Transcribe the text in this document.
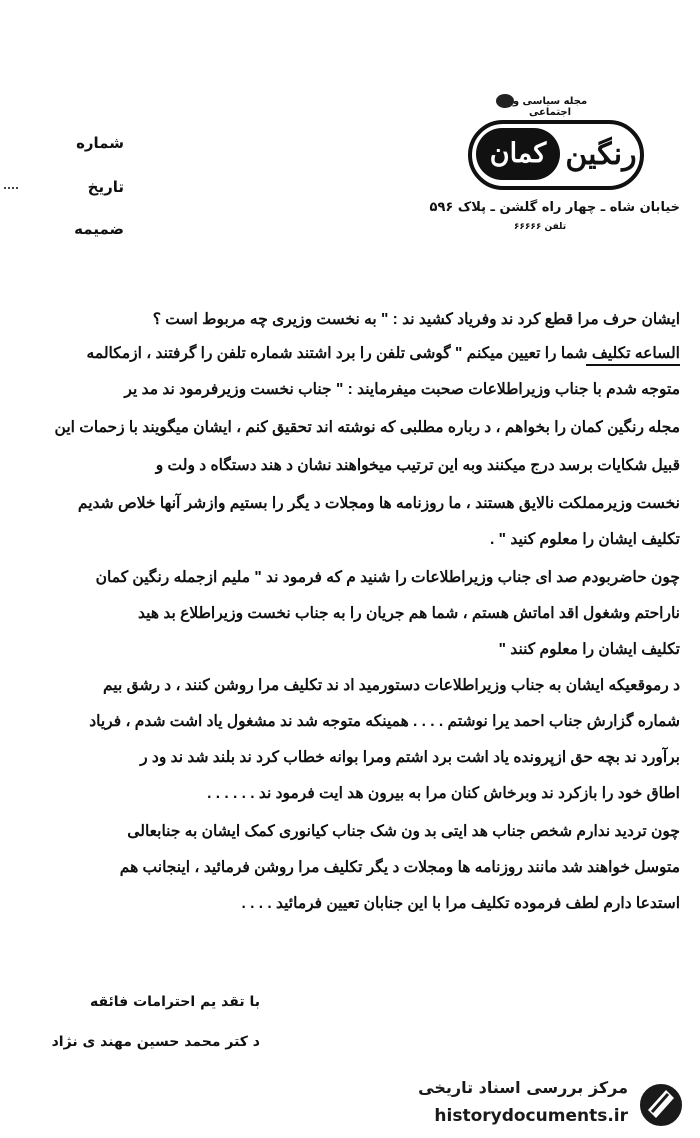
شماره
تاریخ
ضمیمه
مجله سیاسی و اجتماعی
کمان رنگین
خیابان شاه ـ چهار راه گلشن ـ پلاک ۵۹۶
تلفن ۶۶۶۶۶
ایشان حرف مرا قطع کرد ند وفریاد کشید ند : " به نخست وزیری چه مربوط است ؟
الساعه تکلیف شما را تعیین میکنم " گوشی تلفن را برد اشتند شماره تلفن را گرفتند ، ازمکالمه
متوجه شدم با جناب وزیراطلاعات صحبت میفرمایند : " جناب نخست وزیرفرمود ند مد یر
مجله رنگین کمان را بخواهم ، د رباره مطلبی که نوشته اند تحقیق کنم ، ایشان میگویند با زحمات این
قبیل شکایات برسد درج میکنند وبه این ترتیب میخواهند نشان د هند دستگاه د ولت و
نخست وزیرمملکت نالایق هستند ، ما روزنامه ها ومجلات د یگر را بستیم وازشر آنها خلاص شدیم
تکلیف ایشان را معلوم کنید " .
چون حاضربودم صد ای جناب وزیراطلاعات را شنید م که فرمود ند " ملیم ازجمله رنگین کمان
ناراحتم وشغول اقد اماتش هستم ، شما هم جریان را به جناب نخست وزیراطلاع بد هید
تکلیف ایشان را معلوم کنند "
د رموقعیکه ایشان به جناب وزیراطلاعات دستورمید اد ند تکلیف مرا روشن کنند ، د رشق بیم
شماره گزارش جناب احمد یرا نوشتم . . . . همینکه متوجه شد ند مشغول یاد اشت شدم ، فریاد
برآورد ند بچه حق ازپرونده یاد اشت برد اشتم ومرا بوانه خطاب کرد ند بلند شد ند ود ر
اطاق خود را بازکرد ند وبرخاش کنان مرا به بیرون هد ایت فرمود ند . . . . . .
چون تردید ندارم شخص جناب هد ایتی بد ون شک جناب کیانوری کمک ایشان به جنابعالی
متوسل خواهند شد مانند روزنامه ها ومجلات د یگر تکلیف مرا روشن فرمائید ، اینجانب هم
استدعا دارم لطف فرموده تکلیف مرا با این جنابان تعیین فرمائید . . . .
با تقد یم احترامات فائقه
د کتر محمد حسین مهند ی نژاد
مرکز بررسی اسناد تاریخی
historydocuments.ir
